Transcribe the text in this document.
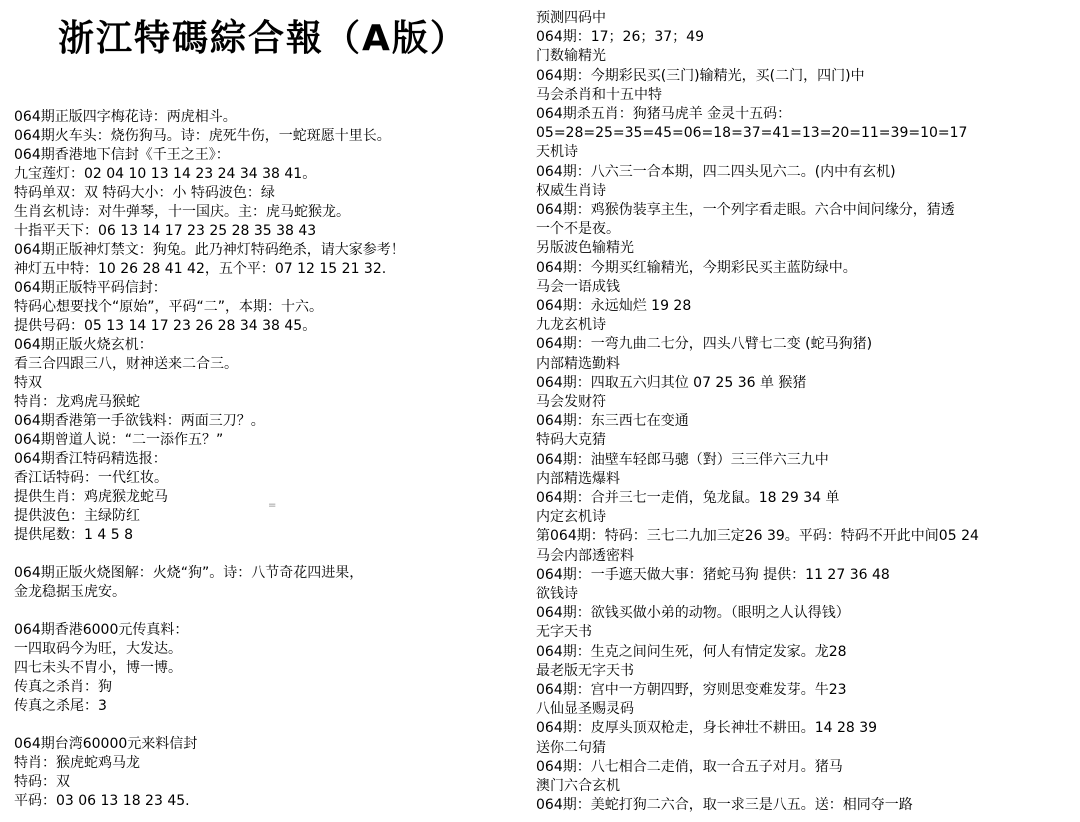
浙江特碼綜合報（A版）
064期正版四字梅花诗：两虎相斗。
064期火车头：烧伤狗马。诗：虎死牛伤，一蛇斑愿十里长。
064期香港地下信封《千王之王》：
九宝莲灯：02 04 10 13 14 23 24 34 38 41。
特码单双：双 特码大小：小 特码波色：绿
生肖玄机诗：对牛弹琴，十一国庆。主：虎马蛇猴龙。
十指平天下：06 13 14 17 23 25 28 35 38 43
064期正版神灯禁文：狗兔。此乃神灯特码绝杀，请大家参考！
神灯五中特：10 26 28 41 42，五个平：07 12 15 21 32.
064期正版特平码信封：
特码心想要找个“原始”，平码“二”，本期：十六。
提供号码：05 13 14 17 23 26 28 34 38 45。
064期正版火烧玄机：
看三合四跟三八，财神送来二合三。
特双
特肖：龙鸡虎马猴蛇
064期香港第一手欲钱料：两面三刀？。
064期曾道人说：“二一添作五？”
064期香江特码精选报：
香江话特码：一代红妆。
提供生肖：鸡虎猴龙蛇马
提供波色：主绿防红
提供尾数：1 4 5 8
064期正版火烧图解：火烧“狗”。诗：八节奇花四进果，
金龙稳据玉虎安。
064期香港6000元传真料：
一四取码今为旺，大发达。
四七未头不胄小，博一博。
传真之杀肖：狗
传真之杀尾：3
064期台湾60000元来料信封
特肖：猴虎蛇鸡马龙
特码：双
平码：03 06 13 18 23 45.
预测四码中
064期：17；26；37；49
门数输精光
064期：今期彩民买(三门)输精光，买(二门，四门)中
马会杀肖和十五中特
064期杀五肖：狗猪马虎羊 金灵十五码：
05=28=25=35=45=06=18=37=41=13=20=11=39=10=17
天机诗
064期：八六三一合本期，四二四头见六二。(内中有玄机)
权威生肖诗
064期：鸡猴伪装享主生，一个列字看走眼。六合中间问缘分，猜透
一个不是夜。
另版波色输精光
064期：今期买红输精光，今期彩民买主蓝防绿中。
马会一语成钱
064期：永远灿烂 19 28
九龙玄机诗
064期：一弯九曲二七分，四头八臂七二变 (蛇马狗猪)
内部精选勤料
064期：四取五六归其位 07 25 36 单 猴猪
马会发财符
064期：东三西七在变通
特码大克猜
064期：油壁车轻郎马骢（對）三三伴六三九中
内部精选爆料
064期：合并三七一走俏，兔龙鼠。18 29 34 单
内定玄机诗
第064期：特码：三七二九加三定26 39。平码：特码不开此中间05 24
马会内部透密料
064期：一手遮天做大事：猪蛇马狗 提供：11 27 36 48
欲钱诗
064期：欲钱买做小弟的动物。（眼明之人认得钱）
无字天书
064期：生克之间问生死，何人有情定发家。龙28
最老版无字天书
064期：宫中一方朝四野，穷则思变难发芽。牛23
八仙显圣赐灵码
064期：皮厚头顶双枪走，身长神壮不耕田。14 28 39
送你二句猜
064期：八七相合二走俏，取一合五子对月。猪马
澳门六合玄机
064期：美蛇打狗二六合，取一求三是八五。送：相同夺一路
=
